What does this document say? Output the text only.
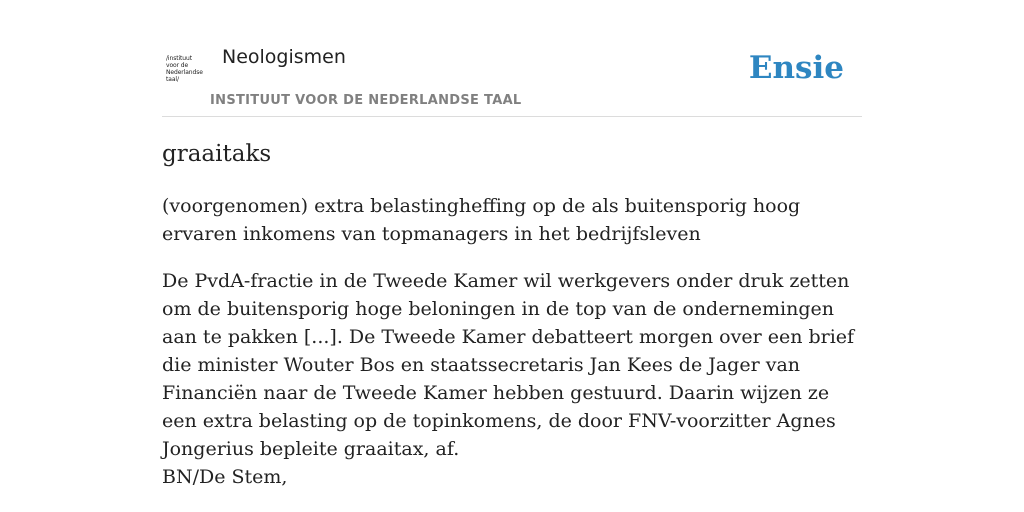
/instituut
voor de
Nederlandse
taal/
Neologismen
INSTITUUT VOOR DE NEDERLANDSE TAAL
Ensie
graaitaks

(voorgenomen) extra belastingheffing op de als buitensporig hoog ervaren inkomens van topmanagers in het bedrijfsleven

De PvdA-fractie in de Tweede Kamer wil werkgevers onder druk zetten om de buitensporig hoge beloningen in de top van de ondernemingen aan te pakken [...]. De Tweede Kamer debatteert morgen over een brief die minister Wouter Bos en staatssecretaris Jan Kees de Jager van Financiën naar de Tweede Kamer hebben gestuurd. Daarin wijzen ze een extra belasting op de topinkomens, de door FNV-voorzitter Agnes Jongerius bepleite graaitax, af.
BN/De Stem,
